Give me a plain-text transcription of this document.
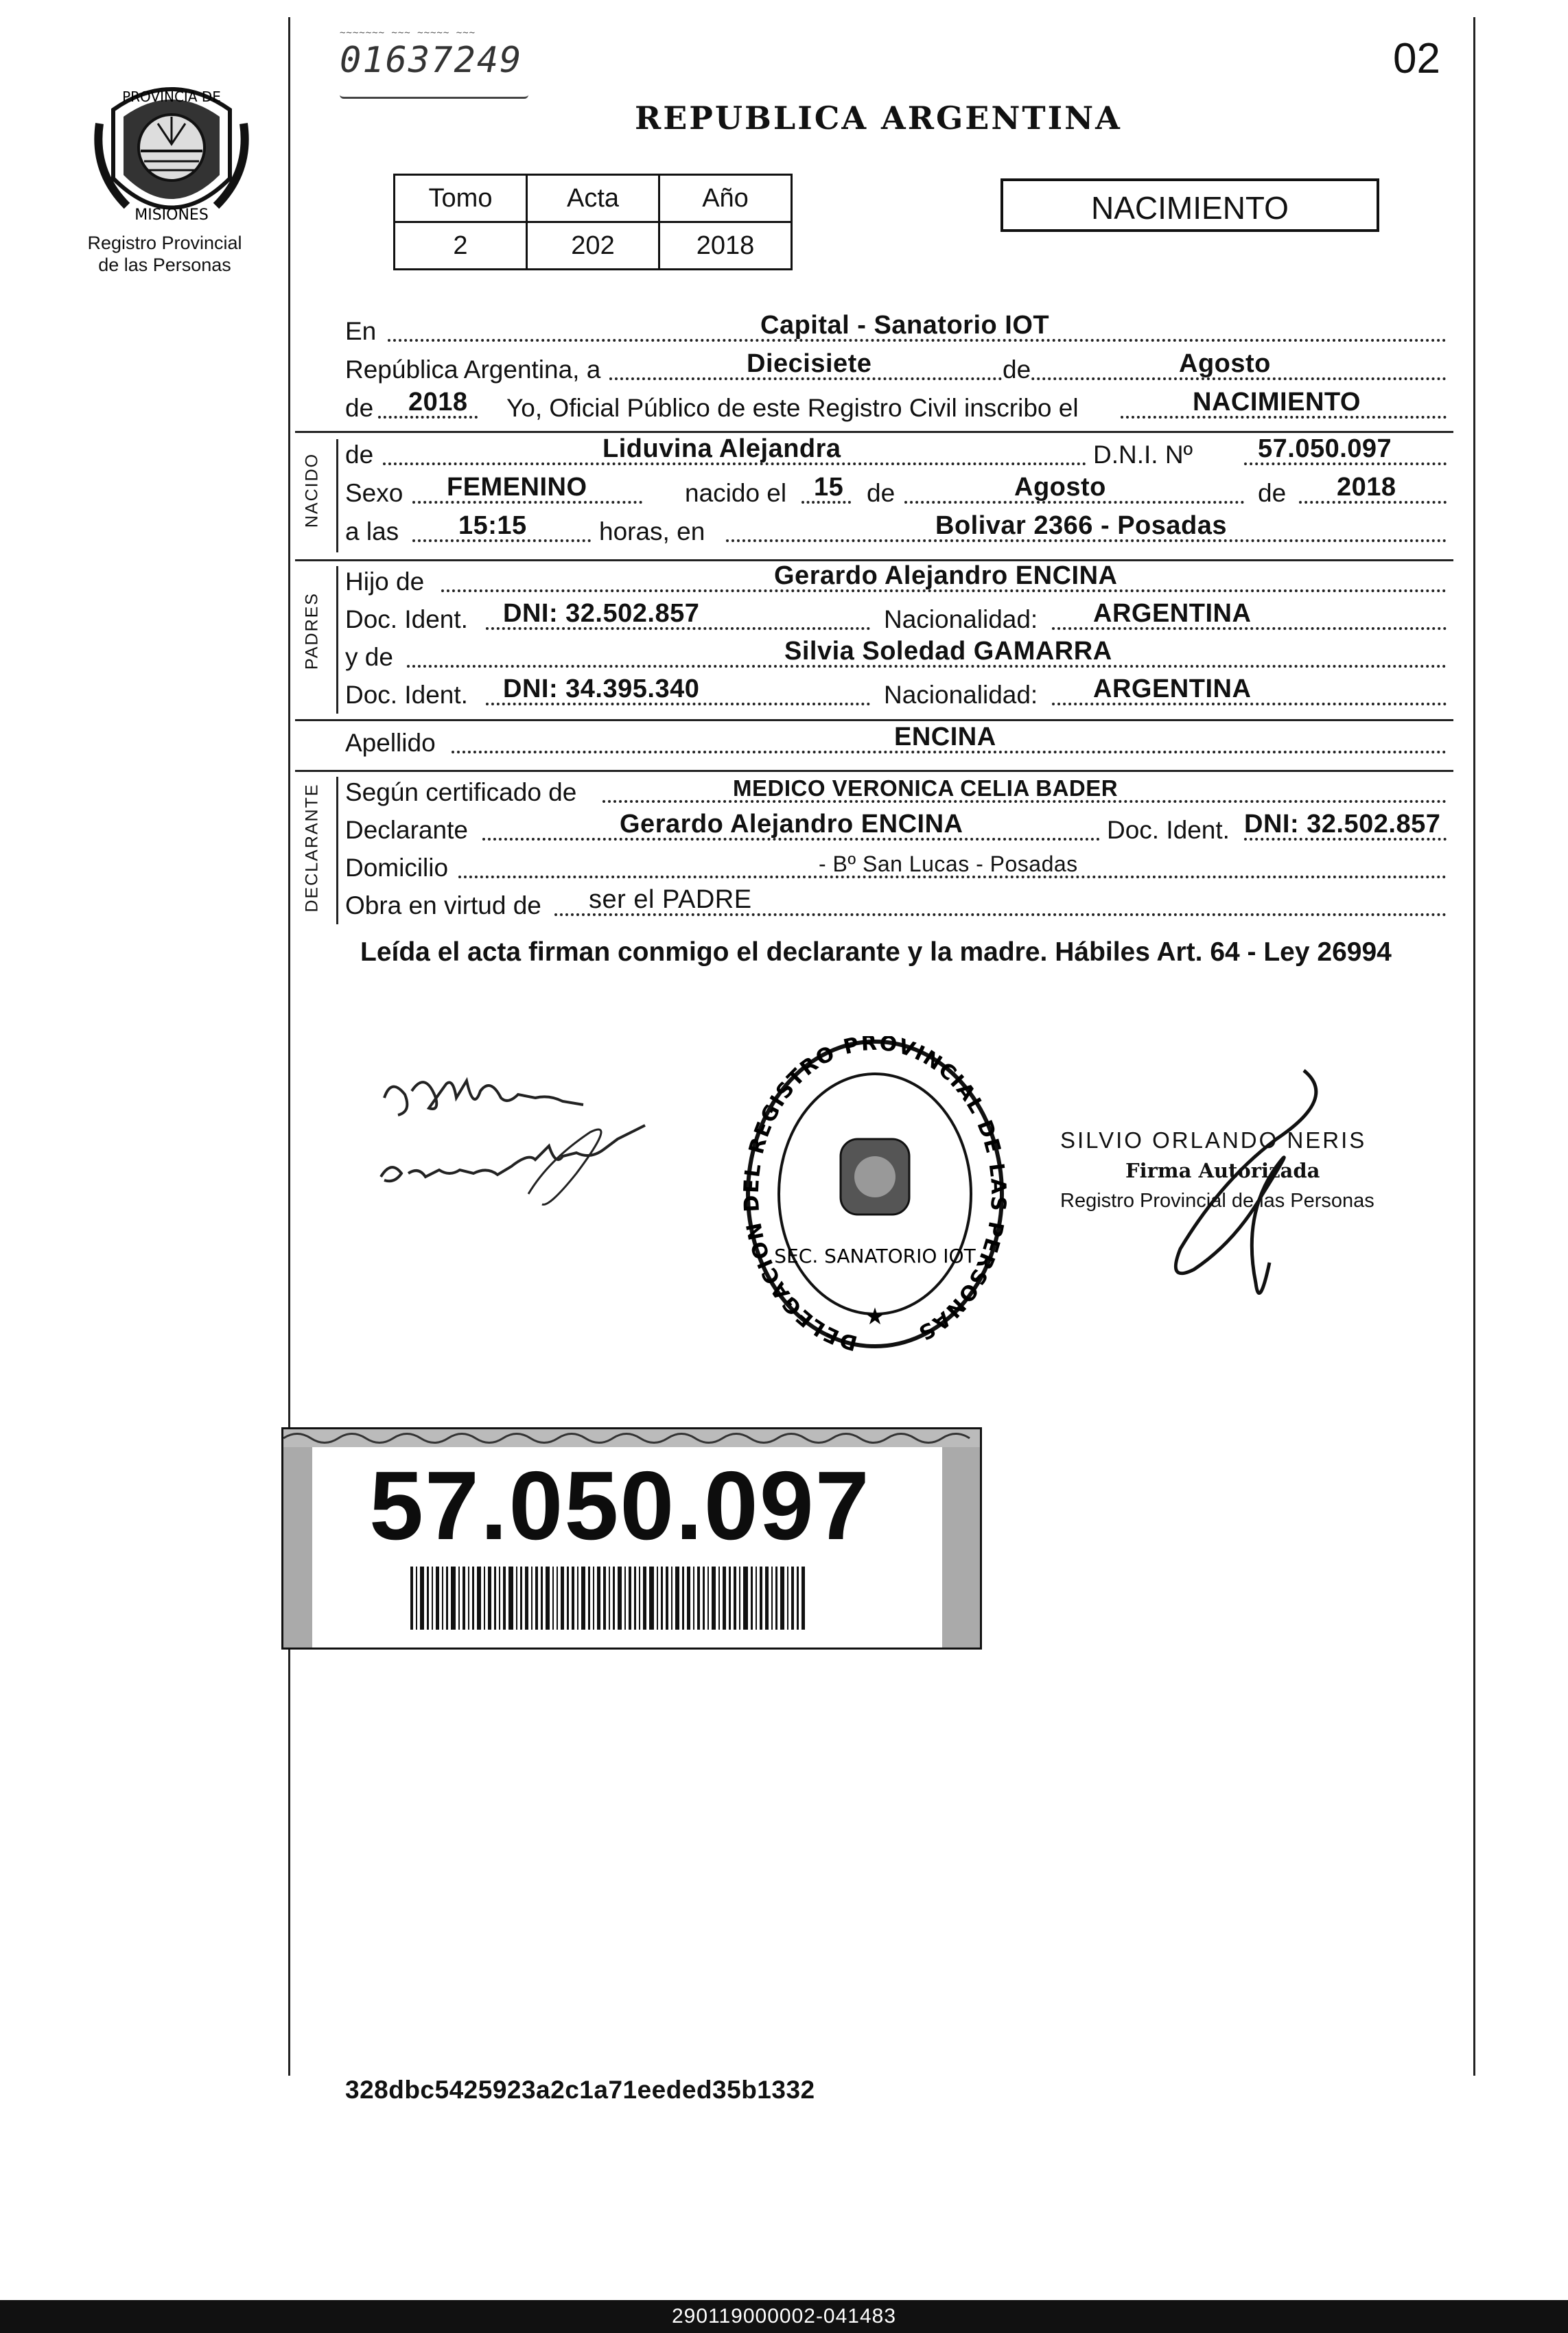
PROVINCIA DE
MISIONES
Registro Provincial
de las Personas
~~~~~~~ ~~~ ~~~~~ ~~~
01637249	02
REPUBLICA ARGENTINA
Tomo	Acta	Año
2	202	2018
NACIMIENTO
En	Capital - Sanatorio IOT
República Argentina, a	Diecisiete	de	Agosto
de 2018 Yo, Oficial Público de este Registro Civil inscribo el	NACIMIENTO
NACIDO de	Liduvina Alejandra	D.N.I. Nº 57.050.097
Sexo FEMENINO	nacido el 15 de	Agosto	de 2018
a las 15:15	horas, en	Bolivar 2366 - Posadas
PADRES
Hijo de	Gerardo Alejandro ENCINA
Doc. Ident. DNI: 32.502.857	Nacionalidad: ARGENTINA
y de	Silvia Soledad GAMARRA
Doc. Ident. DNI: 34.395.340	Nacionalidad: ARGENTINA
Apellido	ENCINA
DECLARANTE Según certificado de	MEDICO VERONICA CELIA BADER
Declarante	Gerardo Alejandro ENCINA	Doc. Ident. DNI: 32.502.857
Domicilio	- Bº San Lucas - Posadas
Obra en virtud de ser el PADRE
Leída el acta firman conmigo el declarante y la madre. Hábiles Art. 64 - Ley 26994
DELEGACION DEL REGISTRO PROVINCIAL DE LAS PERSONAS
SEC. SANATORIO IOT
★
SILVIO ORLANDO NERIS
Firma Autorizada
Registro Provincial de las Personas
57.050.097
328dbc5425923a2c1a71eeded35b1332
290119000002-041483
